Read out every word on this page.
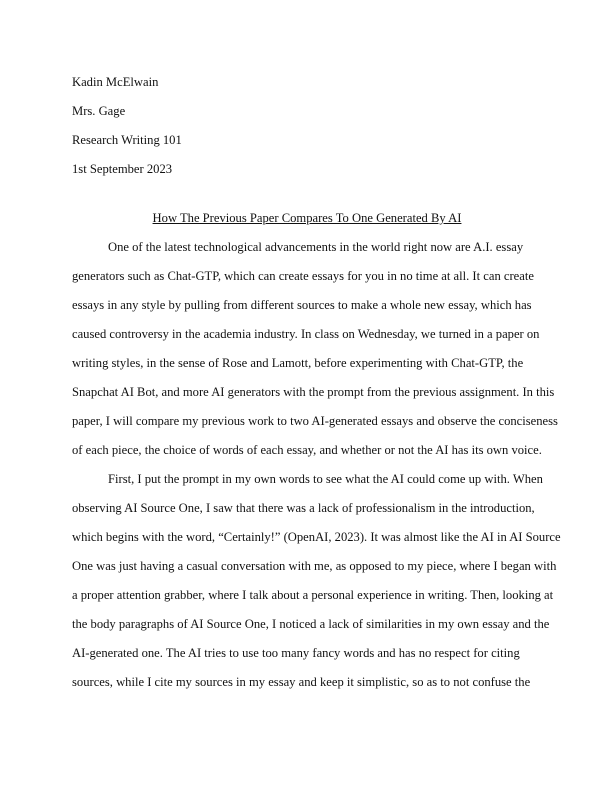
Kadin McElwain
Mrs. Gage
Research Writing 101
1st September 2023
How The Previous Paper Compares To One Generated By AI
One of the latest technological advancements in the world right now are A.I. essay
generators such as Chat-GTP, which can create essays for you in no time at all. It can create
essays in any style by pulling from different sources to make a whole new essay, which has
caused controversy in the academia industry. In class on Wednesday, we turned in a paper on
writing styles, in the sense of Rose and Lamott, before experimenting with Chat-GTP, the
Snapchat AI Bot, and more AI generators with the prompt from the previous assignment. In this
paper, I will compare my previous work to two AI-generated essays and observe the conciseness
of each piece, the choice of words of each essay, and whether or not the AI has its own voice.
First, I put the prompt in my own words to see what the AI could come up with. When
observing AI Source One, I saw that there was a lack of professionalism in the introduction,
which begins with the word, “Certainly!” (OpenAI, 2023). It was almost like the AI in AI Source
One was just having a casual conversation with me, as opposed to my piece, where I began with
a proper attention grabber, where I talk about a personal experience in writing. Then, looking at
the body paragraphs of AI Source One, I noticed a lack of similarities in my own essay and the
AI-generated one. The AI tries to use too many fancy words and has no respect for citing
sources, while I cite my sources in my essay and keep it simplistic, so as to not confuse the
